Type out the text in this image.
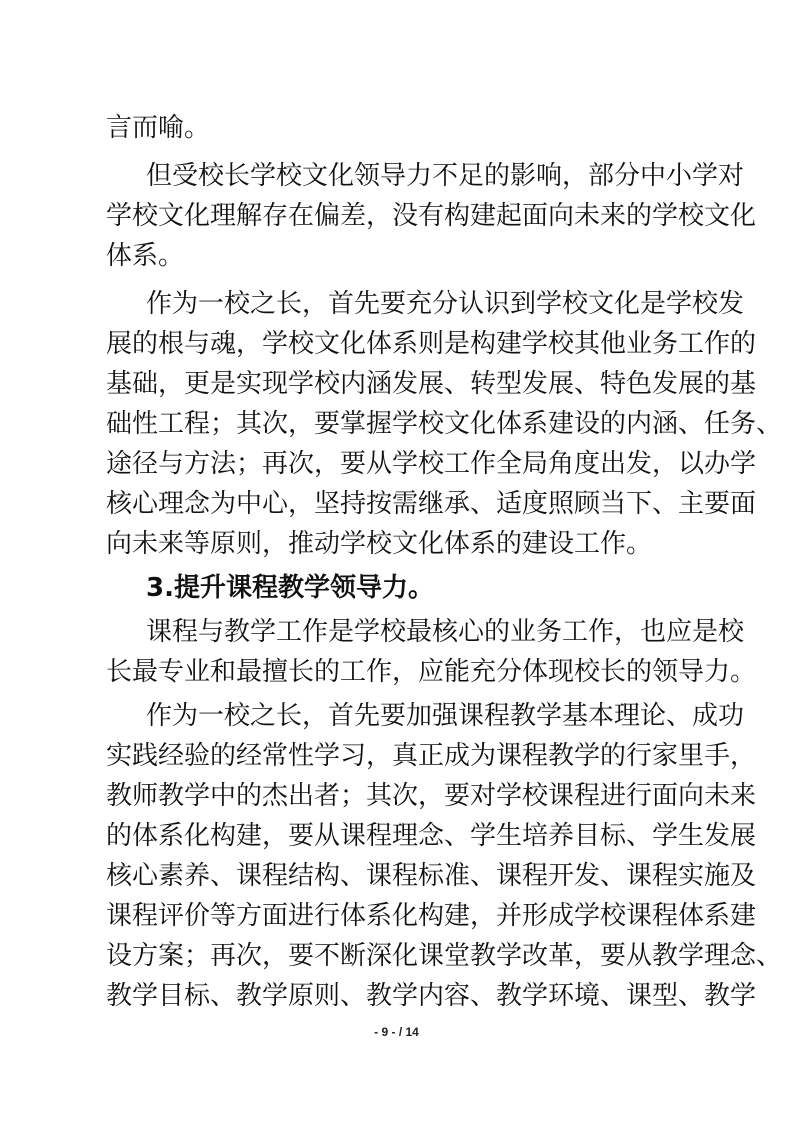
言而喻。
但受校长学校文化领导力不足的影响，部分中小学对
学校文化理解存在偏差，没有构建起面向未来的学校文化
体系。
作为一校之长，首先要充分认识到学校文化是学校发
展的根与魂，学校文化体系则是构建学校其他业务工作的
基础，更是实现学校内涵发展、转型发展、特色发展的基
础性工程；其次，要掌握学校文化体系建设的内涵、任务、
途径与方法；再次，要从学校工作全局角度出发，以办学
核心理念为中心，坚持按需继承、适度照顾当下、主要面
向未来等原则，推动学校文化体系的建设工作。
3.提升课程教学领导力。
课程与教学工作是学校最核心的业务工作，也应是校
长最专业和最擅长的工作，应能充分体现校长的领导力。
作为一校之长，首先要加强课程教学基本理论、成功
实践经验的经常性学习，真正成为课程教学的行家里手，
教师教学中的杰出者；其次，要对学校课程进行面向未来
的体系化构建，要从课程理念、学生培养目标、学生发展
核心素养、课程结构、课程标准、课程开发、课程实施及
课程评价等方面进行体系化构建，并形成学校课程体系建
设方案；再次，要不断深化课堂教学改革，要从教学理念、
教学目标、教学原则、教学内容、教学环境、课型、教学
- 9 - / 14
